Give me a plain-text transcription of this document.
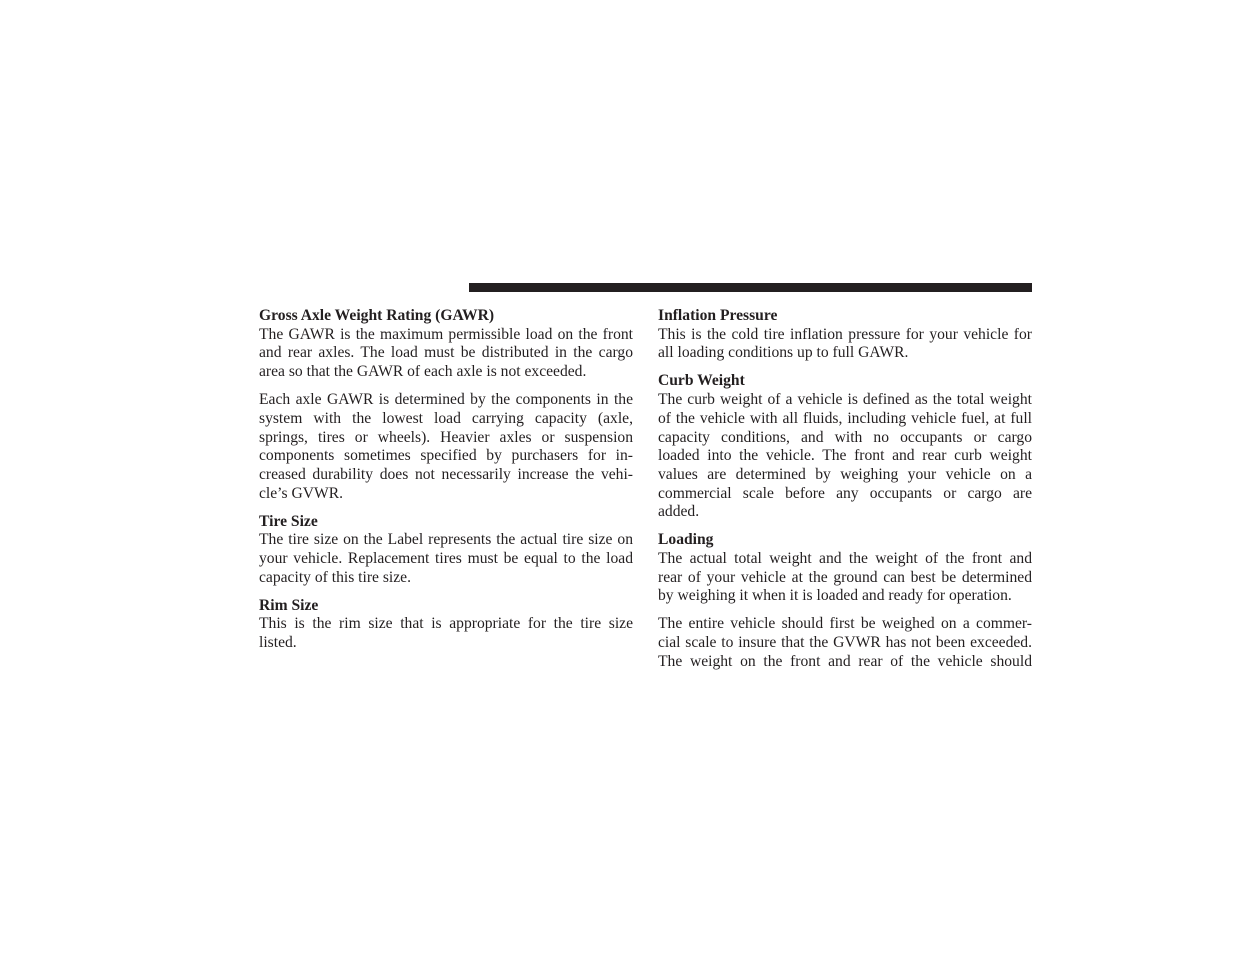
Gross Axle Weight Rating (GAWR)
The GAWR is the maximum permissible load on the front
and rear axles. The load must be distributed in the cargo
area so that the GAWR of each axle is not exceeded.
Each axle GAWR is determined by the components in the
system with the lowest load carrying capacity (axle,
springs, tires or wheels). Heavier axles or suspension
components sometimes specified by purchasers for in-
creased durability does not necessarily increase the vehi-
cle’s GVWR.
Tire Size
The tire size on the Label represents the actual tire size on
your vehicle. Replacement tires must be equal to the load
capacity of this tire size.
Rim Size
This is the rim size that is appropriate for the tire size
listed.
Inflation Pressure
This is the cold tire inflation pressure for your vehicle for
all loading conditions up to full GAWR.
Curb Weight
The curb weight of a vehicle is defined as the total weight
of the vehicle with all fluids, including vehicle fuel, at full
capacity conditions, and with no occupants or cargo
loaded into the vehicle. The front and rear curb weight
values are determined by weighing your vehicle on a
commercial scale before any occupants or cargo are
added.
Loading
The actual total weight and the weight of the front and
rear of your vehicle at the ground can best be determined
by weighing it when it is loaded and ready for operation.
The entire vehicle should first be weighed on a commer-
cial scale to insure that the GVWR has not been exceeded.
The weight on the front and rear of the vehicle should
